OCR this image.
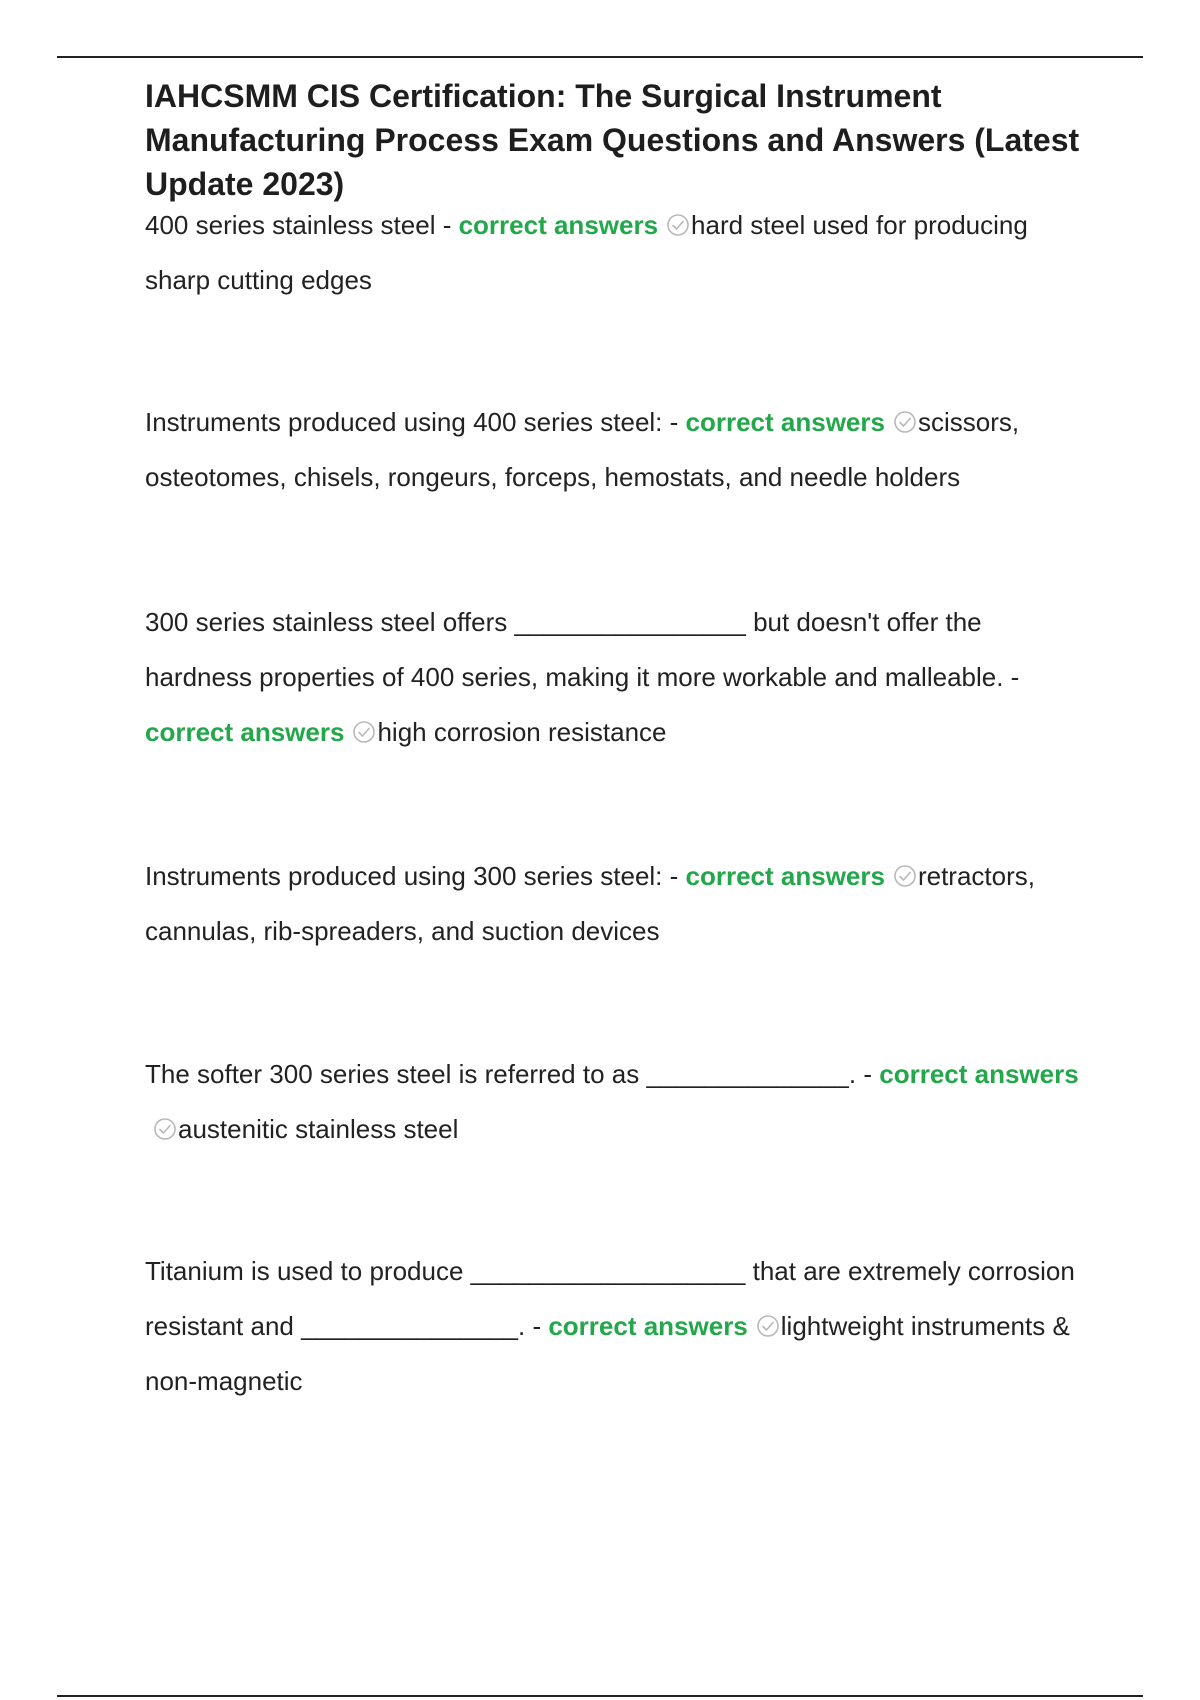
IAHCSMM CIS Certification: The Surgical Instrument Manufacturing Process Exam Questions and Answers (Latest Update 2023)

400 series stainless steel - correct answers hard steel used for producing sharp cutting edges

Instruments produced using 400 series steel: - correct answers scissors, osteotomes, chisels, rongeurs, forceps, hemostats, and needle holders

300 series stainless steel offers ________________ but doesn't offer the hardness properties of 400 series, making it more workable and malleable. - correct answers high corrosion resistance

Instruments produced using 300 series steel: - correct answers retractors, cannulas, rib-spreaders, and suction devices

The softer 300 series steel is referred to as ______________. - correct answersaustenitic stainless steel

Titanium is used to produce ___________________ that are extremely corrosion resistant and _______________. - correct answers lightweight instruments & non-magnetic
